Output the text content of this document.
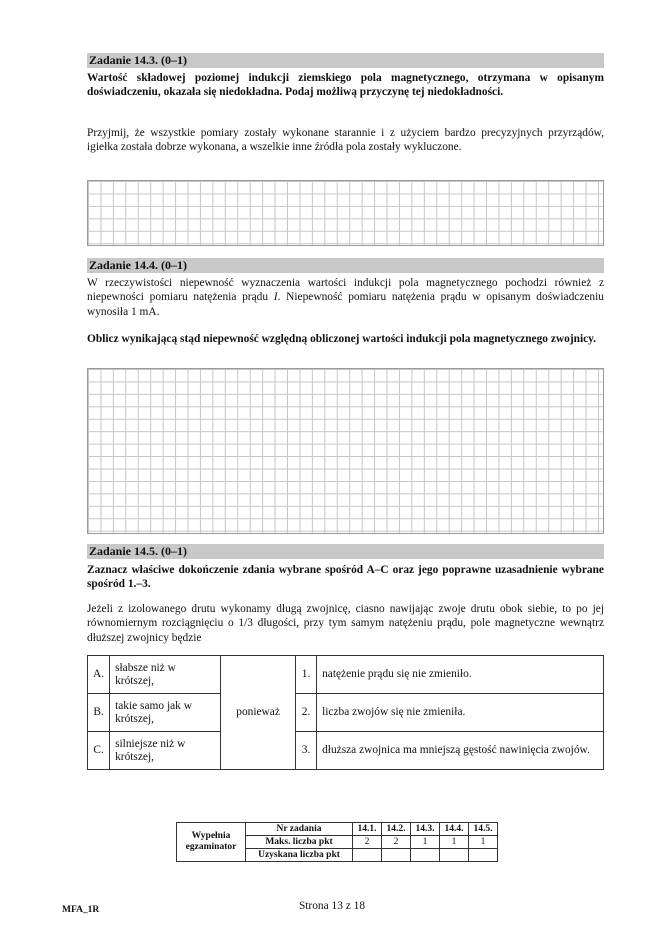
Zadanie 14.3. (0–1)

Wartość składowej poziomej indukcji ziemskiego pola magnetycznego, otrzymana w opisanym doświadczeniu, okazała się niedokładna. Podaj możliwą przyczynę tej niedokładności.

Przyjmij, że wszystkie pomiary zostały wykonane starannie i z użyciem bardzo precyzyjnych przyrządów, igiełka została dobrze wykonana, a wszelkie inne źródła pola zostały wykluczone.

Zadanie 14.4. (0–1)

W rzeczywistości niepewność wyznaczenia wartości indukcji pola magnetycznego pochodzi również z niepewności pomiaru natężenia prądu I. Niepewność pomiaru natężenia prądu w opisanym doświadczeniu wynosiła 1 mA.

Oblicz wynikającą stąd niepewność względną obliczonej wartości indukcji pola magnetycznego zwojnicy.

Zadanie 14.5. (0–1)

Zaznacz właściwe dokończenie zdania wybrane spośród A–C oraz jego poprawne uzasadnienie wybrane spośród 1.–3.

Jeżeli z izolowanego drutu wykonamy długą zwojnicę, ciasno nawijając zwoje drutu obok siebie, to po jej równomiernym rozciągnięciu o 1/3 długości, przy tym samym natężeniu prądu, pole magnetyczne wewnątrz dłuższej zwojnicy będzie

A.	słabsze niż w krótszej,	ponieważ	1.	natężenie prądu się nie zmieniło.
B.	takie samo jak w krótszej,		2.	liczba zwojów się nie zmieniła.
C.	silniejsze niż w krótszej,		3.	dłuższa zwojnica ma mniejszą gęstość nawinięcia zwojów.
Wypełnia egzaminator	Nr zadania	14.1.	14.2.	14.3.	14.4.	14.5.
	Maks. liczba pkt	2	2	1	1	1
	Uzyskana liczba pkt					
MFA_1R	Strona 13 z 18
